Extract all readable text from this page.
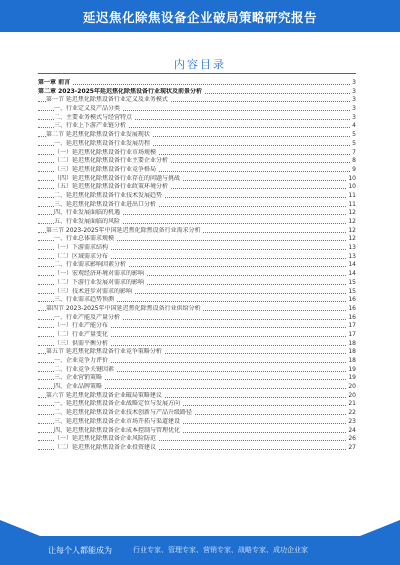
延迟焦化除焦设备企业破局策略研究报告
内容目录
第一章 前言	3
第二章 2023-2025年延迟焦化除焦设备行业现状及前景分析	3
第一节 延迟焦化除焦设备行业定义及业务模式	3
一、行业定义及产品分类	3
二、主要业务模式与经营特点	3
三、行业上下游产业链分析	4
第二节 延迟焦化除焦设备行业发展现状	5
一、延迟焦化除焦设备行业发展历程	5
（一）延迟焦化除焦设备行业市场规模	7
（二）延迟焦化除焦设备行业主要企业分析	8
（三）延迟焦化除焦设备行业竞争格局	9
（四）延迟焦化除焦设备行业存在的问题与挑战	10
（五）延迟焦化除焦设备行业政策环境分析	10
二、延迟焦化除焦设备行业技术发展趋势	11
三、延迟焦化除焦设备行业进出口分析	11
四、行业发展面临的机遇	12
五、行业发展面临的风险	12
第三节 2023-2025年中国延迟焦化除焦设备行业需求分析	12
一、行业总体需求规模	12
（一）下游需求结构	13
（二）区域需求分布	13
二、行业需求影响因素分析	14
（一）宏观经济环境对需求的影响	14
（二）下游行业发展对需求的影响	15
（三）技术进步对需求的影响	15
三、行业需求趋势预测	16
第四节 2023-2025年中国延迟焦化除焦设备行业供给分析	16
一、行业产能及产量分析	16
（一）行业产能分布	17
（二）行业产量变化	17
（三）供需平衡分析	18
第五节 延迟焦化除焦设备行业竞争策略分析	18
一、企业竞争力评价	18
二、行业竞争关键因素	19
三、企业营销策略	19
四、企业品牌策略	20
第六节 延迟焦化除焦设备企业破局策略建议	20
一、延迟焦化除焦设备企业战略定位与发展方向	21
二、延迟焦化除焦设备企业技术创新与产品升级路径	22
三、延迟焦化除焦设备企业市场开拓与渠道建设	23
四、延迟焦化除焦设备企业成本控制与管理优化	24
（一）延迟焦化除焦设备企业风险防范	26
（二）延迟焦化除焦设备企业投资建议	27
让每个人都能成为	行业专家、管理专家、营销专家、战略专家、成功企业家
